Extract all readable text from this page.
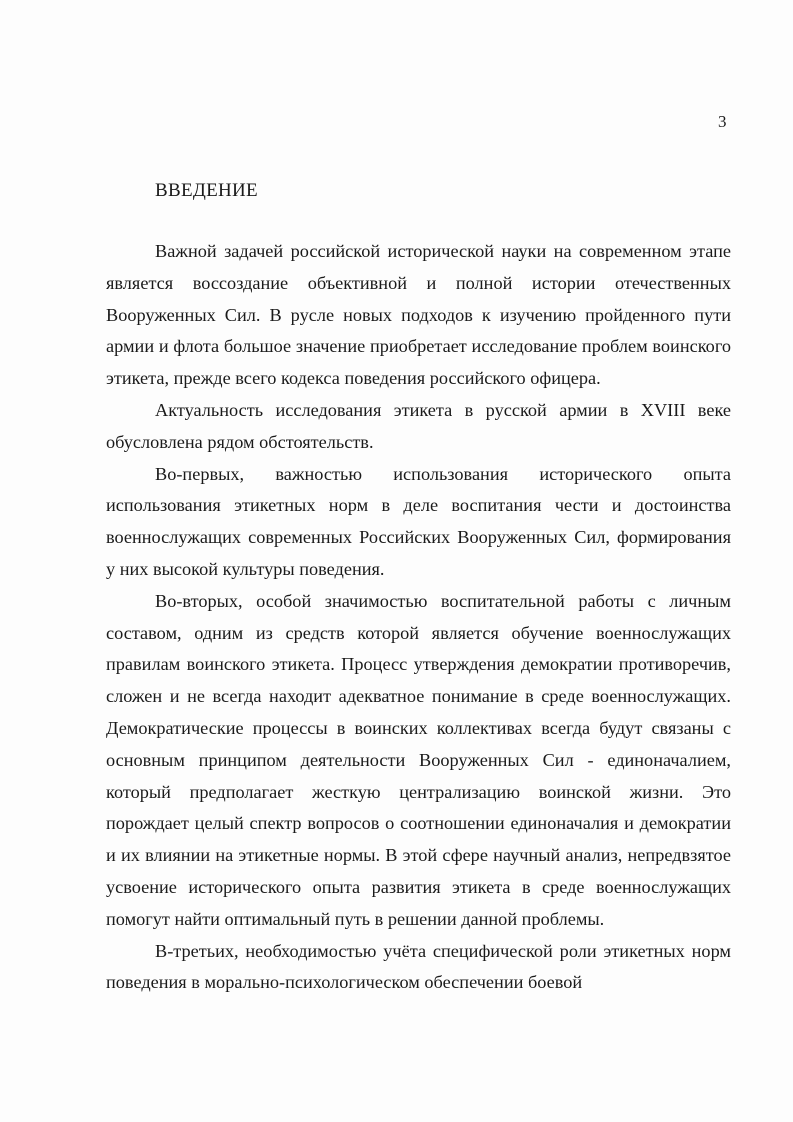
3
ВВЕДЕНИЕ

Важной задачей российской исторической науки на современном этапе является воссоздание объективной и полной истории отечественных Вооруженных Сил. В русле новых подходов к изучению пройденного пути армии и флота большое значение приобретает исследование проблем воинского этикета, прежде всего кодекса поведения российского офицера.

Актуальность исследования этикета в русской армии в XVIII веке обусловлена рядом обстоятельств.

Во-первых, важностью использования исторического опыта использования этикетных норм в деле воспитания чести и достоинства военнослужащих современных Российских Вооруженных Сил, формирования у них высокой культуры поведения.

Во-вторых, особой значимостью воспитательной работы с личным составом, одним из средств которой является обучение военнослужащих правилам воинского этикета. Процесс утверждения демократии противоречив, сложен и не всегда находит адекватное понимание в среде военнослужащих. Демократические процессы в воинских коллективах всегда будут связаны с основным принципом деятельности Вооруженных Сил - единоначалием, который предполагает жесткую централизацию воинской жизни. Это порождает целый спектр вопросов о соотношении единоначалия и демократии и их влиянии на этикетные нормы. В этой сфере научный анализ, непредвзятое усвоение исторического опыта развития этикета в среде военнослужащих помогут найти оптимальный путь в решении данной проблемы.

В-третьих, необходимостью учёта специфической роли этикетных норм поведения в морально-психологическом обеспечении боевой
